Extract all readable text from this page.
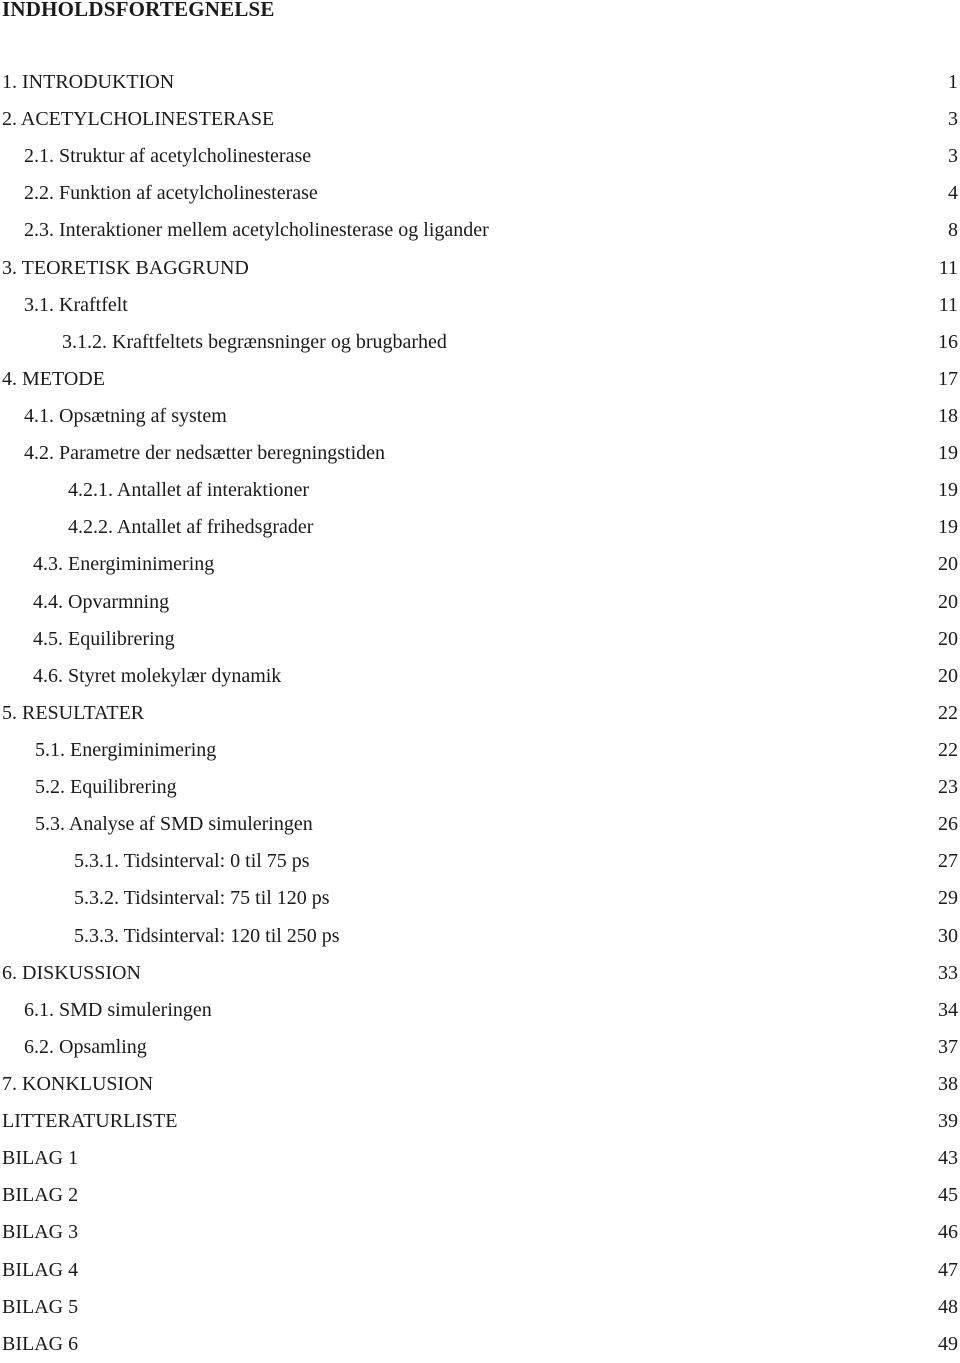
INDHOLDSFORTEGNELSE
1. INTRODUKTION	1
2. ACETYLCHOLINESTERASE	3
2.1. Struktur af acetylcholinesterase	3
2.2. Funktion af acetylcholinesterase	4
2.3. Interaktioner mellem acetylcholinesterase og ligander	8
3. TEORETISK BAGGRUND	11
3.1. Kraftfelt	11
3.1.2. Kraftfeltets begrænsninger og brugbarhed	16
4. METODE	17
4.1. Opsætning af system	18
4.2. Parametre der nedsætter beregningstiden	19
4.2.1. Antallet af interaktioner	19
4.2.2. Antallet af frihedsgrader	19
4.3. Energiminimering	20
4.4. Opvarmning	20
4.5. Equilibrering	20
4.6. Styret molekylær dynamik	20
5. RESULTATER	22
5.1. Energiminimering	22
5.2. Equilibrering	23
5.3. Analyse af SMD simuleringen	26
5.3.1. Tidsinterval: 0 til 75 ps	27
5.3.2. Tidsinterval: 75 til 120 ps	29
5.3.3. Tidsinterval: 120 til 250 ps	30
6. DISKUSSION	33
6.1. SMD simuleringen	34
6.2. Opsamling	37
7. KONKLUSION	38
LITTERATURLISTE	39
BILAG 1	43
BILAG 2	45
BILAG 3	46
BILAG 4	47
BILAG 5	48
BILAG 6	49
